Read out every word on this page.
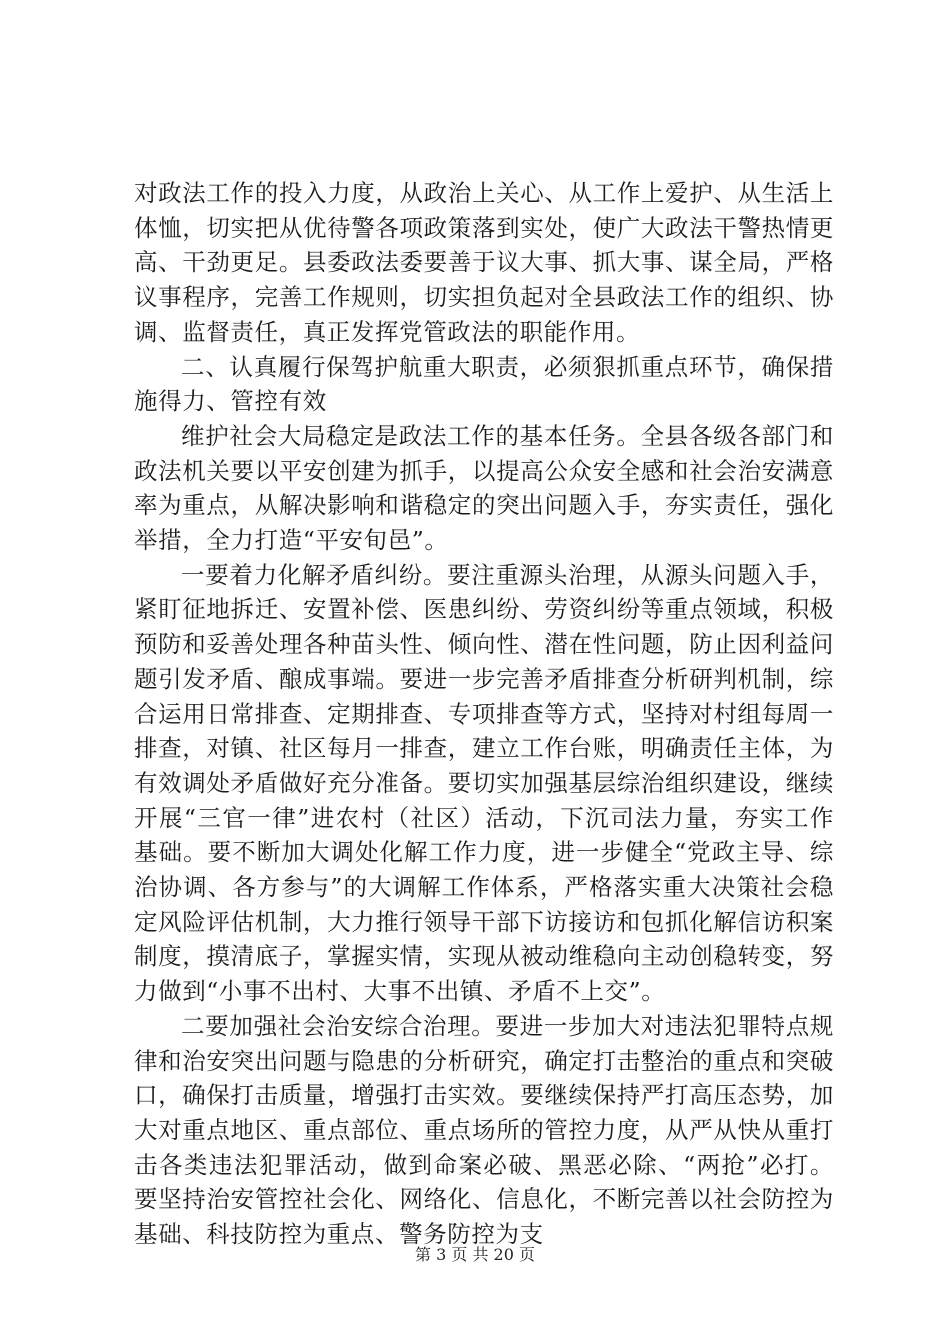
对政法工作的投入力度，从政治上关心、从工作上爱护、从生活上体恤，切实把从优待警各项政策落到实处，使广大政法干警热情更高、干劲更足。县委政法委要善于议大事、抓大事、谋全局，严格议事程序，完善工作规则，切实担负起对全县政法工作的组织、协调、监督责任，真正发挥党管政法的职能作用。

二、认真履行保驾护航重大职责，必须狠抓重点环节，确保措施得力、管控有效

维护社会大局稳定是政法工作的基本任务。全县各级各部门和政法机关要以平安创建为抓手，以提高公众安全感和社会治安满意率为重点，从解决影响和谐稳定的突出问题入手，夯实责任，强化举措，全力打造“平安旬邑”。

一要着力化解矛盾纠纷。要注重源头治理，从源头问题入手，紧盯征地拆迁、安置补偿、医患纠纷、劳资纠纷等重点领域，积极预防和妥善处理各种苗头性、倾向性、潜在性问题，防止因利益问题引发矛盾、酿成事端。要进一步完善矛盾排查分析研判机制，综合运用日常排查、定期排查、专项排查等方式，坚持对村组每周一排查，对镇、社区每月一排查，建立工作台账，明确责任主体，为有效调处矛盾做好充分准备。要切实加强基层综治组织建设，继续开展“三官一律”进农村（社区）活动，下沉司法力量，夯实工作基础。要不断加大调处化解工作力度，进一步健全“党政主导、综治协调、各方参与”的大调解工作体系，严格落实重大决策社会稳定风险评估机制，大力推行领导干部下访接访和包抓化解信访积案制度，摸清底子，掌握实情，实现从被动维稳向主动创稳转变，努力做到“小事不出村、大事不出镇、矛盾不上交”。

二要加强社会治安综合治理。要进一步加大对违法犯罪特点规律和治安突出问题与隐患的分析研究，确定打击整治的重点和突破口，确保打击质量，增强打击实效。要继续保持严打高压态势，加大对重点地区、重点部位、重点场所的管控力度，从严从快从重打击各类违法犯罪活动，做到命案必破、黑恶必除、“两抢”必打。要坚持治安管控社会化、网络化、信息化，不断完善以社会防控为基础、科技防控为重点、警务防控为支

第 3 页 共 20 页
